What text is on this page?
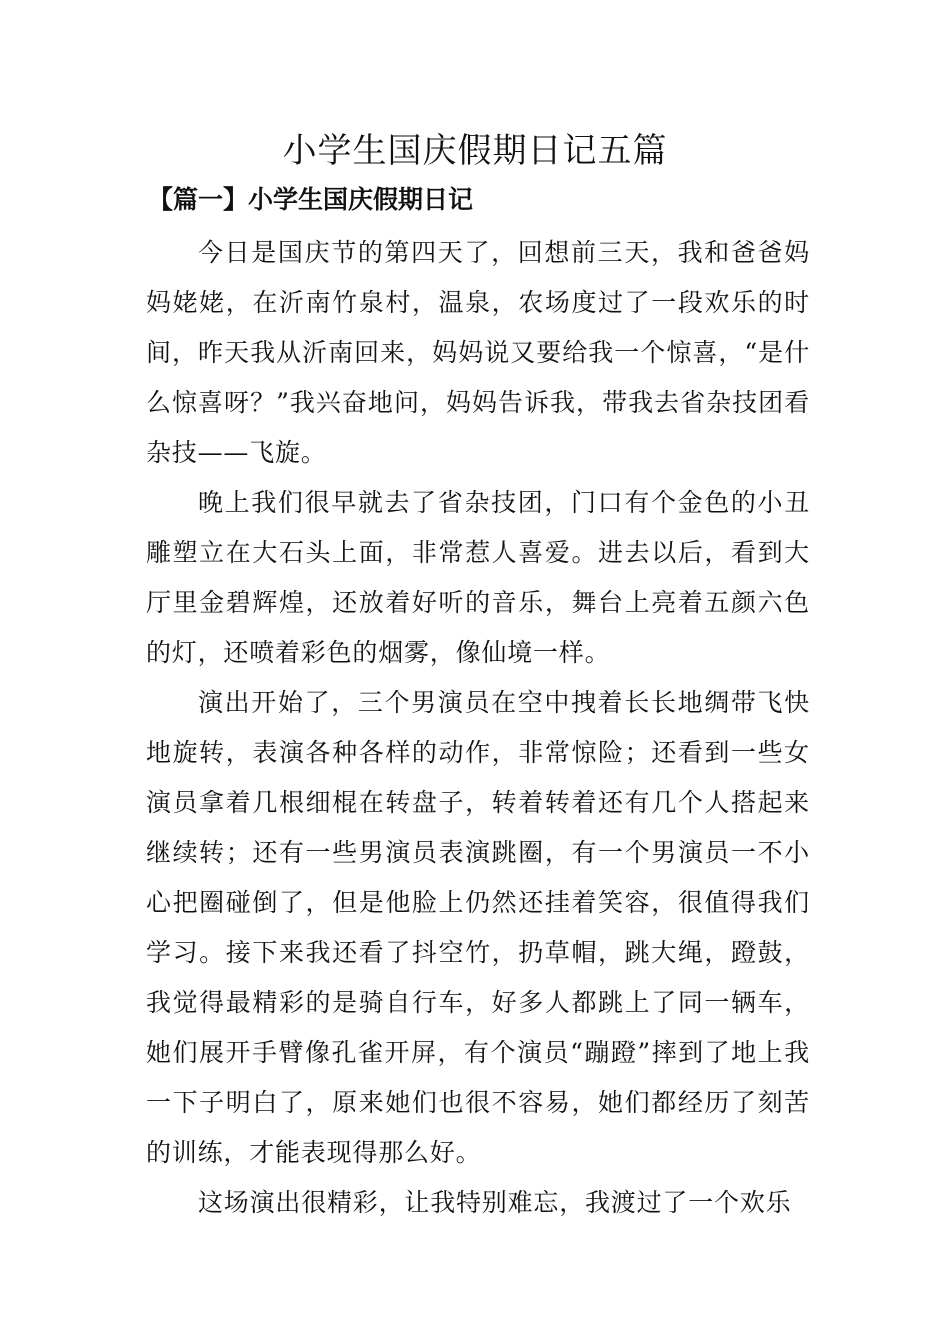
小学生国庆假期日记五篇
【篇一】小学生国庆假期日记

今日是国庆节的第四天了，回想前三天，我和爸爸妈妈姥姥，在沂南竹泉村，温泉，农场度过了一段欢乐的时间，昨天我从沂南回来，妈妈说又要给我一个惊喜，“是什么惊喜呀？”我兴奋地问，妈妈告诉我，带我去省杂技团看杂技——飞旋。

晚上我们很早就去了省杂技团，门口有个金色的小丑雕塑立在大石头上面，非常惹人喜爱。进去以后，看到大厅里金碧辉煌，还放着好听的音乐，舞台上亮着五颜六色的灯，还喷着彩色的烟雾，像仙境一样。

演出开始了，三个男演员在空中拽着长长地绸带飞快地旋转，表演各种各样的动作，非常惊险；还看到一些女演员拿着几根细棍在转盘子，转着转着还有几个人搭起来继续转；还有一些男演员表演跳圈，有一个男演员一不小心把圈碰倒了，但是他脸上仍然还挂着笑容，很值得我们学习。接下来我还看了抖空竹，扔草帽，跳大绳，蹬鼓，我觉得最精彩的是骑自行车，好多人都跳上了同一辆车，她们展开手臂像孔雀开屏，有个演员“蹦蹬”摔到了地上我一下子明白了，原来她们也很不容易，她们都经历了刻苦的训练，才能表现得那么好。

这场演出很精彩，让我特别难忘，我渡过了一个欢乐
